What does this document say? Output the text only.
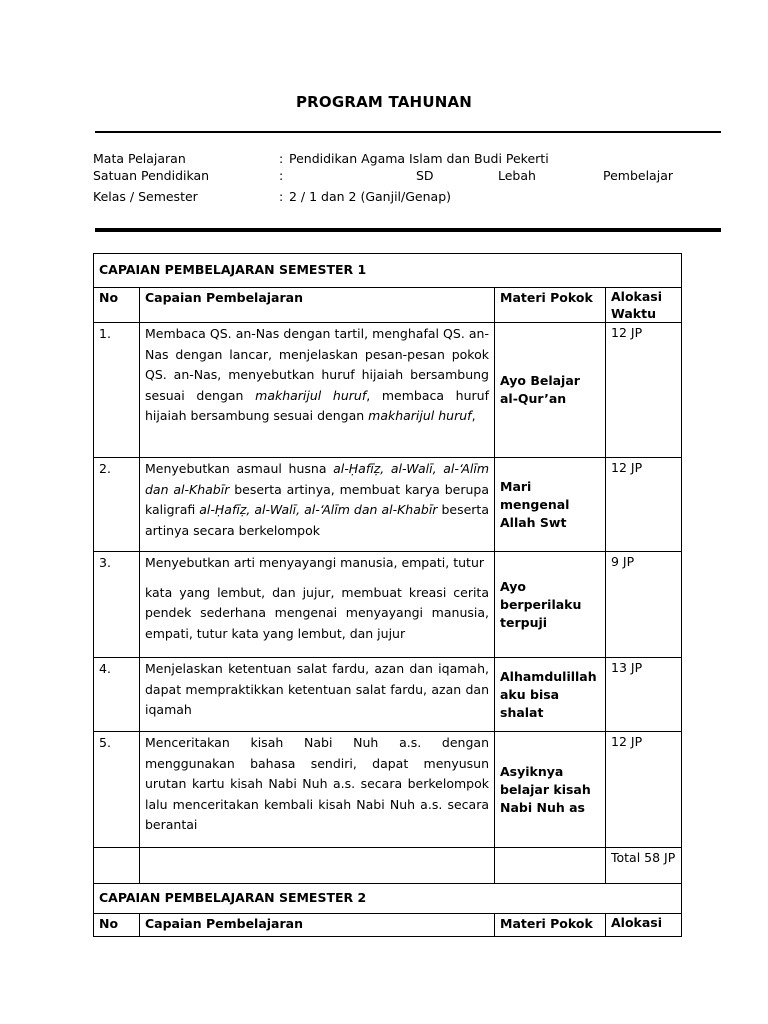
PROGRAM TAHUNAN
Mata Pelajaran	: Pendidikan Agama Islam dan Budi Pekerti
Satuan Pendidikan	:	SD	Lebah	Pembelajar
Kelas / Semester	: 2 / 1 dan 2 (Ganjil/Genap)
CAPAIAN PEMBELAJARAN SEMESTER 1			
No	Capaian Pembelajaran	Materi Pokok	Alokasi Waktu
1.	Membaca QS. an-Nas dengan tartil, menghafal QS. an-Nas dengan lancar, menjelaskan pesan-pesan pokok QS. an-Nas, menyebutkan huruf hijaiah bersambung sesuai dengan makharijul huruf, membaca huruf hijaiah bersambung sesuai dengan makharijul huruf,	Ayo Belajar al-Qur’an	12 JP
2.	Menyebutkan asmaul husna al-Ḥafīẓ, al-Walī, al-‘Alīm dan al-Khabīr beserta artinya, membuat karya berupa kaligrafi al-Ḥafīẓ, al-Walī, al-‘Alīm dan al-Khabīr beserta artinya secara berkelompok	Mari mengenal Allah Swt	12 JP
3.	Menyebutkan arti menyayangi manusia, empati, tutur
kata yang lembut, dan jujur, membuat kreasi cerita pendek sederhana mengenai menyayangi manusia, empati, tutur kata yang lembut, dan jujur	Ayo berperilaku terpuji	9 JP
4.	Menjelaskan ketentuan salat fardu, azan dan iqamah, dapat mempraktikkan ketentuan salat fardu, azan dan iqamah	Alhamdulillah aku bisa shalat	13 JP
5.	Menceritakan kisah Nabi Nuh a.s. dengan menggunakan bahasa sendiri, dapat menyusun urutan kartu kisah Nabi Nuh a.s. secara berkelompok lalu menceritakan kembali kisah Nabi Nuh a.s. secara berantai	Asyiknya belajar kisah Nabi Nuh as	12 JP
			Total 58 JP
CAPAIAN PEMBELAJARAN SEMESTER 2			
No	Capaian Pembelajaran	Materi Pokok	Alokasi
